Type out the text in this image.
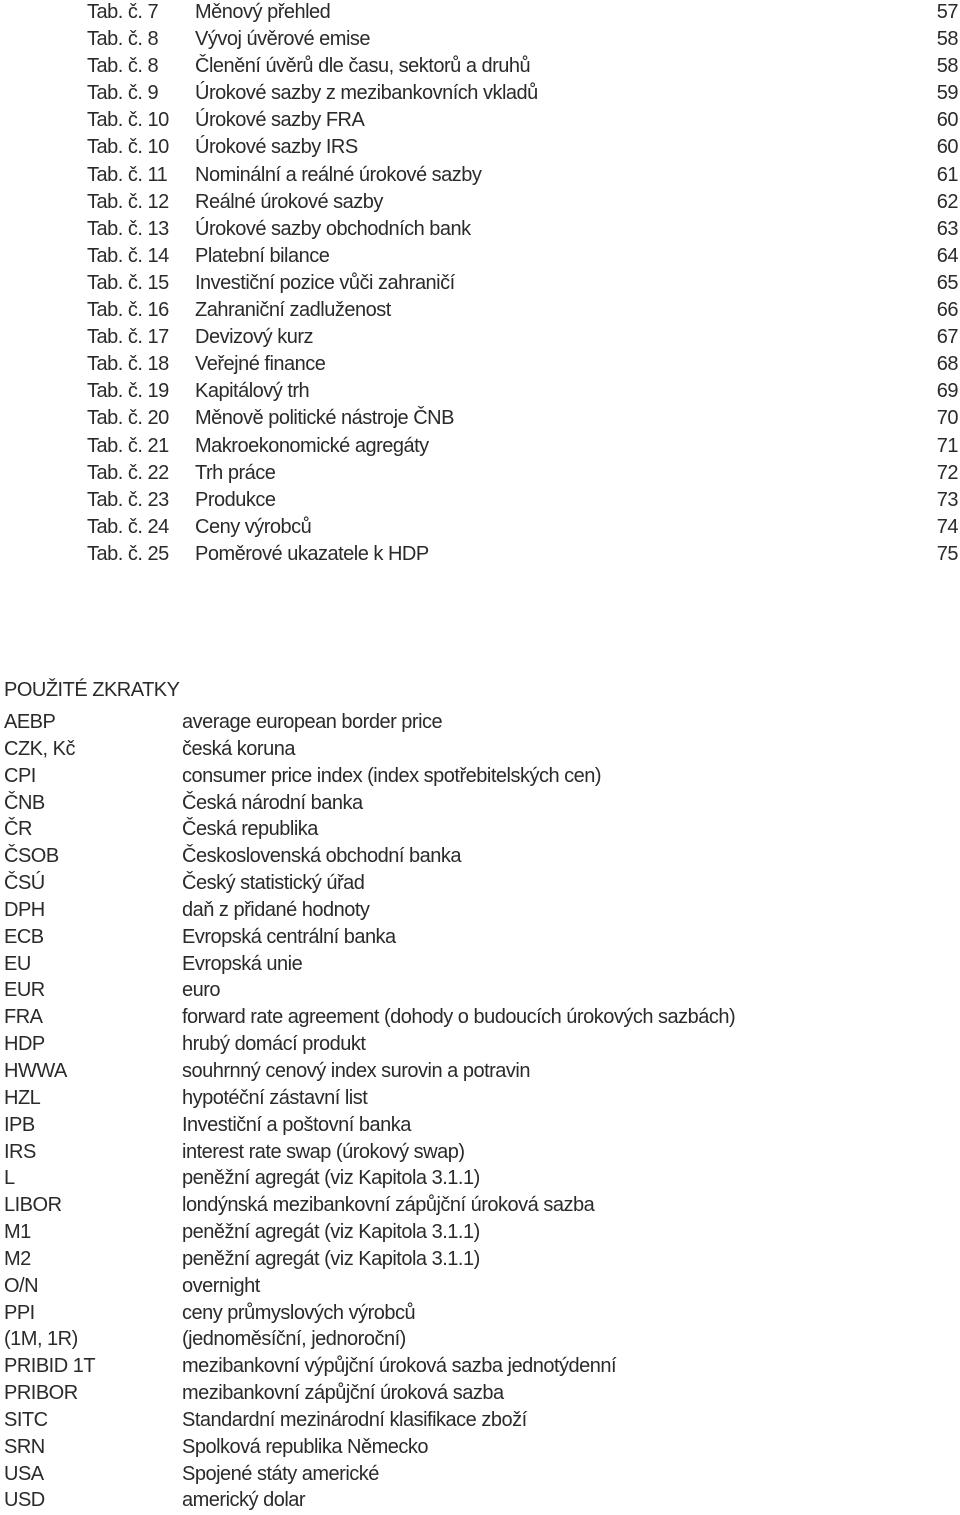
Tab. č. 7 Měnový přehled	57
Tab. č. 8 Vývoj úvěrové emise	58
Tab. č. 8 Členění úvěrů dle času, sektorů a druhů	58
Tab. č. 9 Úrokové sazby z mezibankovních vkladů	59
Tab. č. 10 Úrokové sazby FRA	60
Tab. č. 10 Úrokové sazby IRS	60
Tab. č. 11 Nominální a reálné úrokové sazby	61
Tab. č. 12 Reálné úrokové sazby	62
Tab. č. 13 Úrokové sazby obchodních bank	63
Tab. č. 14 Platební bilance	64
Tab. č. 15 Investiční pozice vůči zahraničí	65
Tab. č. 16 Zahraniční zadluženost	66
Tab. č. 17 Devizový kurz	67
Tab. č. 18 Veřejné finance	68
Tab. č. 19 Kapitálový trh	69
Tab. č. 20 Měnově politické nástroje ČNB	70
Tab. č. 21 Makroekonomické agregáty	71
Tab. č. 22 Trh práce	72
Tab. č. 23 Produkce	73
Tab. č. 24 Ceny výrobců	74
Tab. č. 25 Poměrové ukazatele k HDP	75
POUŽITÉ ZKRATKY
AEBP	average european border price
CZK, Kč	česká koruna
CPI	consumer price index (index spotřebitelských cen)
ČNB	Česká národní banka
ČR	Česká republika
ČSOB	Československá obchodní banka
ČSÚ	Český statistický úřad
DPH	daň z přidané hodnoty
ECB	Evropská centrální banka
EU	Evropská unie
EUR	euro
FRA	forward rate agreement (dohody o budoucích úrokových sazbách)
HDP	hrubý domácí produkt
HWWA	souhrnný cenový index surovin a potravin
HZL	hypotéční zástavní list
IPB	Investiční a poštovní banka
IRS	interest rate swap (úrokový swap)
L	peněžní agregát (viz Kapitola 3.1.1)
LIBOR	londýnská mezibankovní zápůjční úroková sazba
M1	peněžní agregát (viz Kapitola 3.1.1)
M2	peněžní agregát (viz Kapitola 3.1.1)
O/N	overnight
PPI	ceny průmyslových výrobců
(1M, 1R)	(jednoměsíční, jednoroční)
PRIBID 1T	mezibankovní výpůjční úroková sazba jednotýdenní
PRIBOR	mezibankovní zápůjční úroková sazba
SITC	Standardní mezinárodní klasifikace zboží
SRN	Spolková republika Německo
USA	Spojené státy americké
USD	americký dolar
